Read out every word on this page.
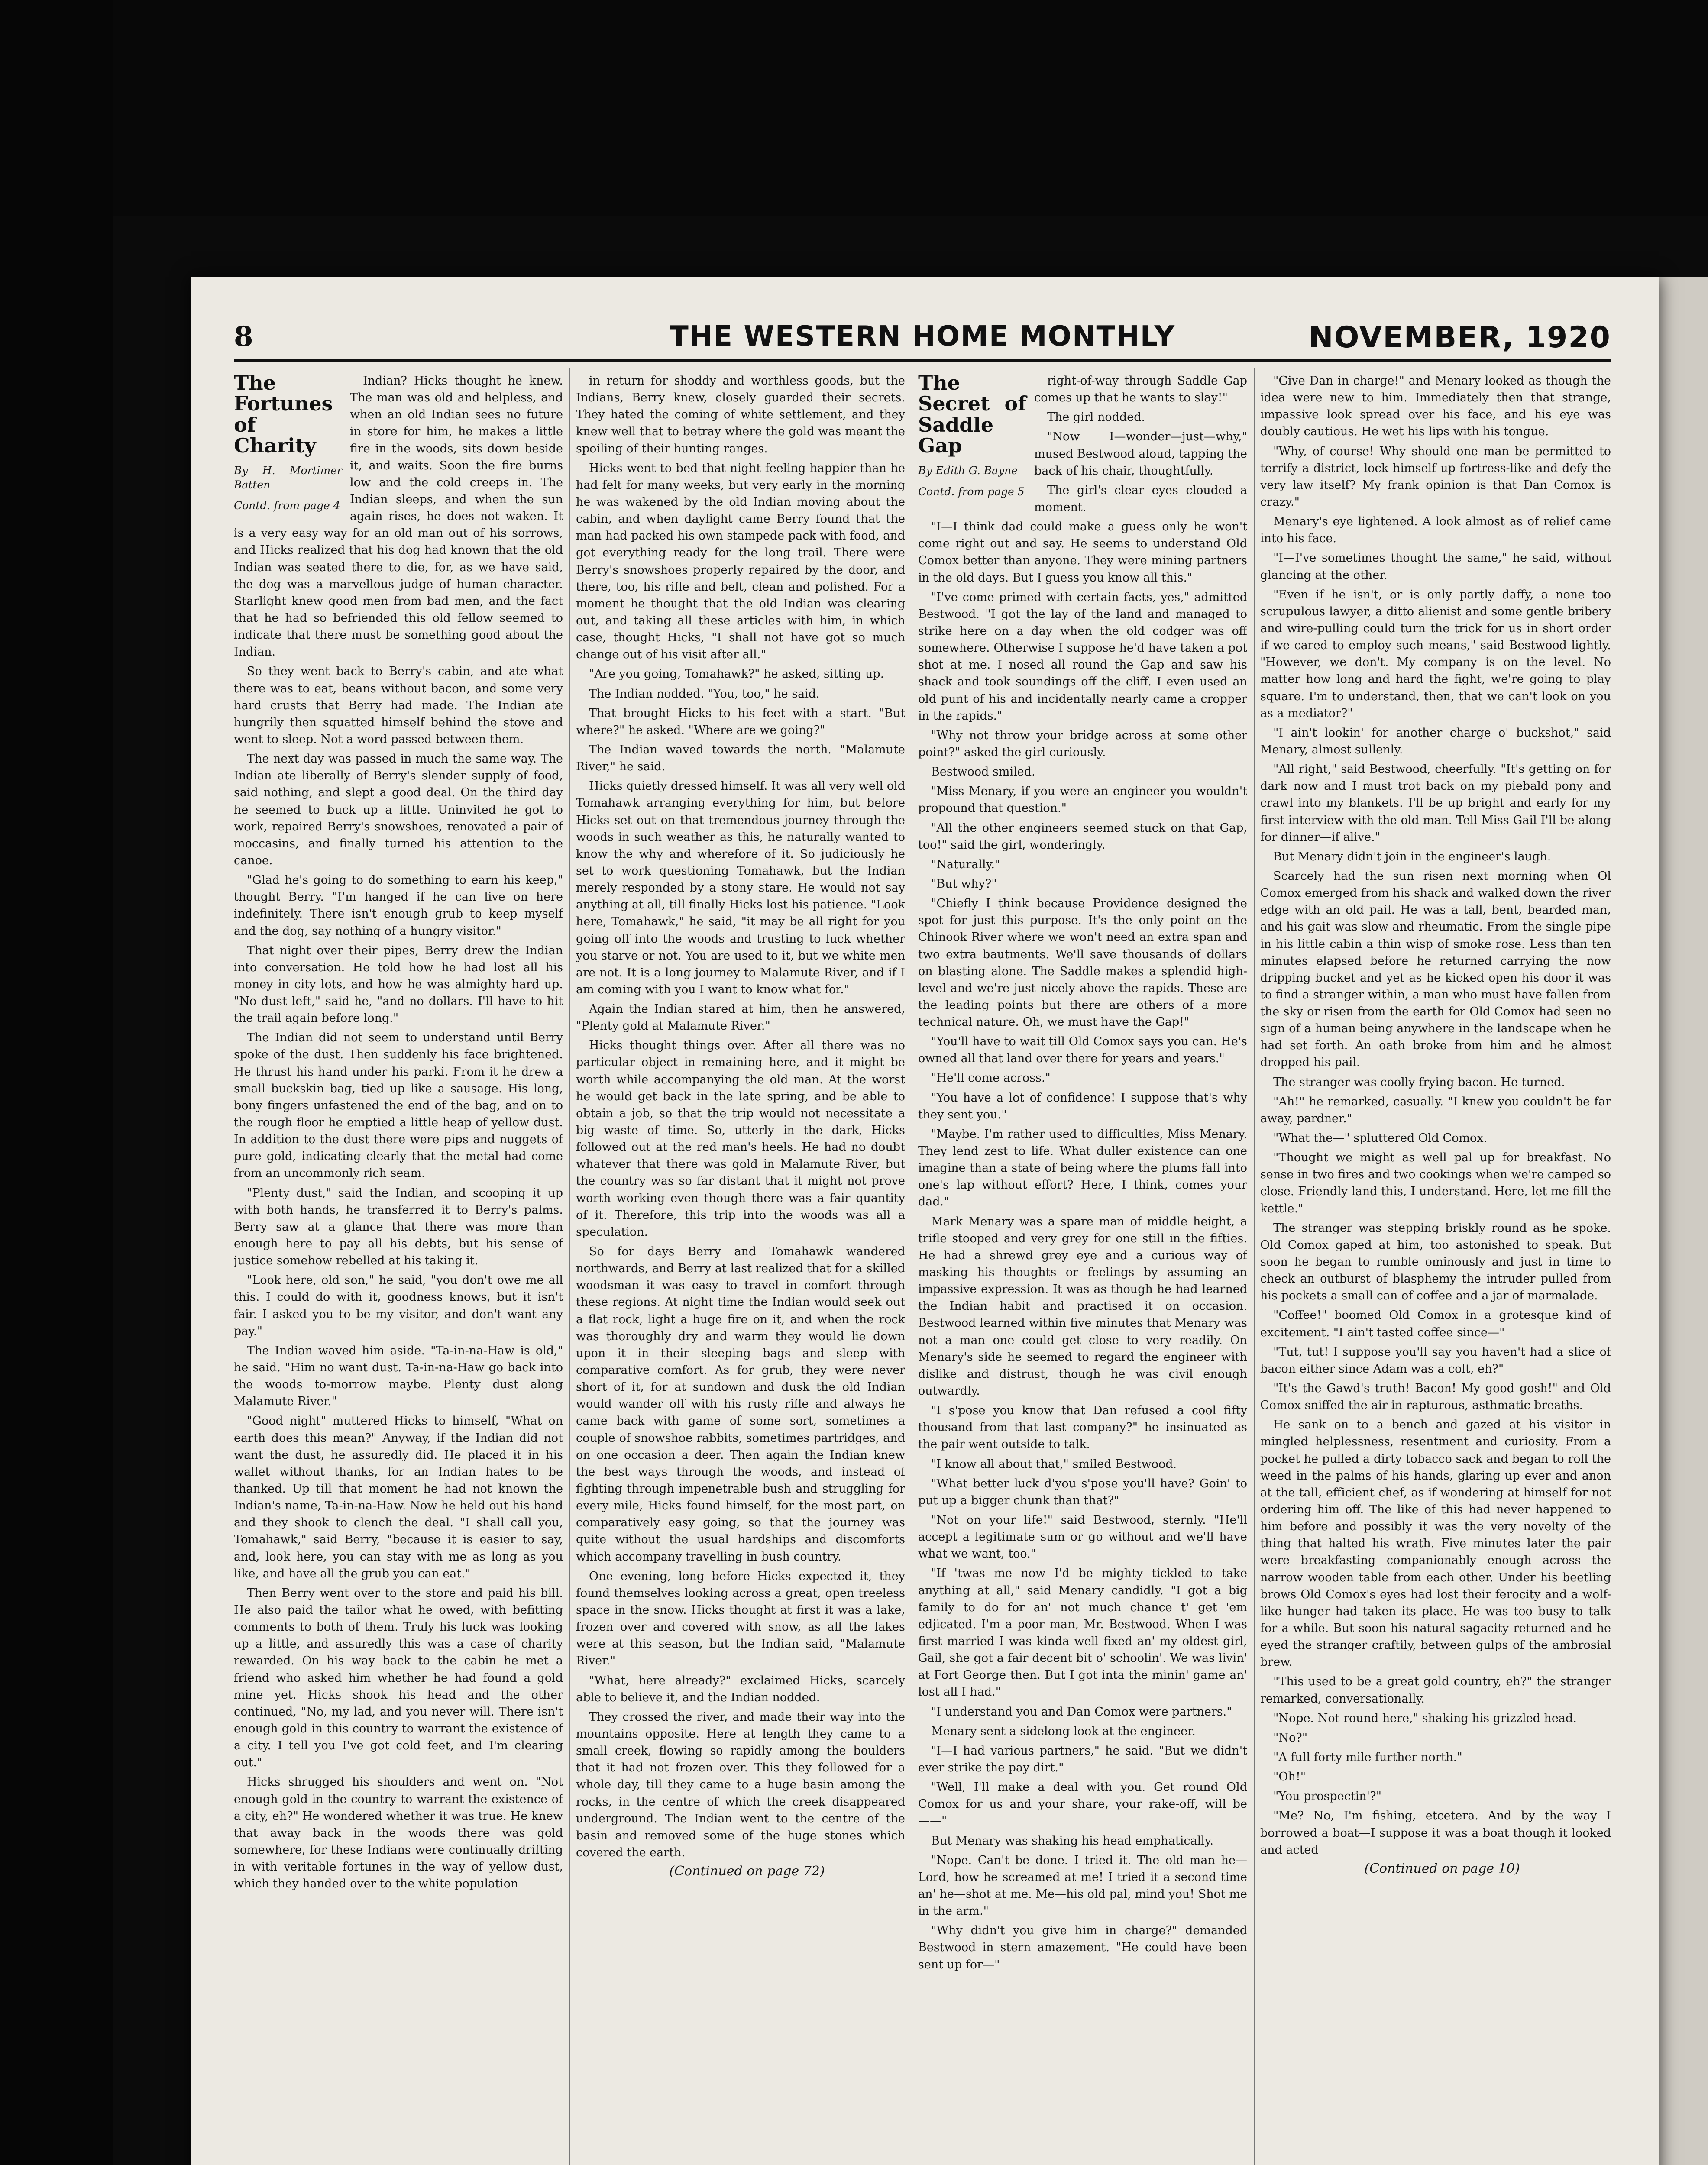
8	THE WESTERN HOME MONTHLY	NOVEMBER, 1920
The Fortunes of Charity
By H. Mortimer Batten
Contd. from page 4

Indian? Hicks thought he knew. The man was old and helpless, and when an old Indian sees no future in store for him, he makes a little fire in the woods, sits down beside it, and waits. Soon the fire burns low and the cold creeps in. The Indian sleeps, and when the sun again rises, he does not waken. It is a very easy way for an old man out of his sorrows, and Hicks realized that his dog had known that the old Indian was seated there to die, for, as we have said, the dog was a marvellous judge of human character. Starlight knew good men from bad men, and the fact that he had so befriended this old fellow seemed to indicate that there must be something good about the Indian.

So they went back to Berry's cabin, and ate what there was to eat, beans without bacon, and some very hard crusts that Berry had made. The Indian ate hungrily then squatted himself behind the stove and went to sleep. Not a word passed between them.

The next day was passed in much the same way. The Indian ate liberally of Berry's slender supply of food, said nothing, and slept a good deal. On the third day he seemed to buck up a little. Uninvited he got to work, repaired Berry's snowshoes, renovated a pair of moccasins, and finally turned his attention to the canoe.

"Glad he's going to do something to earn his keep," thought Berry. "I'm hanged if he can live on here indefinitely. There isn't enough grub to keep myself and the dog, say nothing of a hungry visitor."

That night over their pipes, Berry drew the Indian into conversation. He told how he had lost all his money in city lots, and how he was almighty hard up. "No dust left," said he, "and no dollars. I'll have to hit the trail again before long."

The Indian did not seem to understand until Berry spoke of the dust. Then suddenly his face brightened. He thrust his hand under his parki. From it he drew a small buckskin bag, tied up like a sausage. His long, bony fingers unfastened the end of the bag, and on to the rough floor he emptied a little heap of yellow dust. In addition to the dust there were pips and nuggets of pure gold, indicating clearly that the metal had come from an uncommonly rich seam.

"Plenty dust," said the Indian, and scooping it up with both hands, he transferred it to Berry's palms. Berry saw at a glance that there was more than enough here to pay all his debts, but his sense of justice somehow rebelled at his taking it.

"Look here, old son," he said, "you don't owe me all this. I could do with it, goodness knows, but it isn't fair. I asked you to be my visitor, and don't want any pay."

The Indian waved him aside. "Ta-in-na-Haw is old," he said. "Him no want dust. Ta-in-na-Haw go back into the woods to-morrow maybe. Plenty dust along Malamute River."

"Good night" muttered Hicks to himself, "What on earth does this mean?" Anyway, if the Indian did not want the dust, he assuredly did. He placed it in his wallet without thanks, for an Indian hates to be thanked. Up till that moment he had not known the Indian's name, Ta-in-na-Haw. Now he held out his hand and they shook to clench the deal. "I shall call you, Tomahawk," said Berry, "because it is easier to say, and, look here, you can stay with me as long as you like, and have all the grub you can eat."

Then Berry went over to the store and paid his bill. He also paid the tailor what he owed, with befitting comments to both of them. Truly his luck was looking up a little, and assuredly this was a case of charity rewarded. On his way back to the cabin he met a friend who asked him whether he had found a gold mine yet. Hicks shook his head and the other continued, "No, my lad, and you never will. There isn't enough gold in this country to warrant the existence of a city. I tell you I've got cold feet, and I'm clearing out."

Hicks shrugged his shoulders and went on. "Not enough gold in the country to warrant the existence of a city, eh?" He wondered whether it was true. He knew that away back in the woods there was gold somewhere, for these Indians were continually drifting in with veritable fortunes in the way of yellow dust, which they handed over to the white population

in return for shoddy and worthless goods, but the Indians, Berry knew, closely guarded their secrets. They hated the coming of white settlement, and they knew well that to betray where the gold was meant the spoiling of their hunting ranges.

Hicks went to bed that night feeling happier than he had felt for many weeks, but very early in the morning he was wakened by the old Indian moving about the cabin, and when daylight came Berry found that the man had packed his own stampede pack with food, and got everything ready for the long trail. There were Berry's snowshoes properly repaired by the door, and there, too, his rifle and belt, clean and polished. For a moment he thought that the old Indian was clearing out, and taking all these articles with him, in which case, thought Hicks, "I shall not have got so much change out of his visit after all."

"Are you going, Tomahawk?" he asked, sitting up.

The Indian nodded. "You, too," he said.

That brought Hicks to his feet with a start. "But where?" he asked. "Where are we going?"

The Indian waved towards the north. "Malamute River," he said.

Hicks quietly dressed himself. It was all very well old Tomahawk arranging everything for him, but before Hicks set out on that tremendous journey through the woods in such weather as this, he naturally wanted to know the why and wherefore of it. So judiciously he set to work questioning Tomahawk, but the Indian merely responded by a stony stare. He would not say anything at all, till finally Hicks lost his patience. "Look here, Tomahawk," he said, "it may be all right for you going off into the woods and trusting to luck whether you starve or not. You are used to it, but we white men are not. It is a long journey to Malamute River, and if I am coming with you I want to know what for."

Again the Indian stared at him, then he answered, "Plenty gold at Malamute River."

Hicks thought things over. After all there was no particular object in remaining here, and it might be worth while accompanying the old man. At the worst he would get back in the late spring, and be able to obtain a job, so that the trip would not necessitate a big waste of time. So, utterly in the dark, Hicks followed out at the red man's heels. He had no doubt whatever that there was gold in Malamute River, but the country was so far distant that it might not prove worth working even though there was a fair quantity of it. Therefore, this trip into the woods was all a speculation.

So for days Berry and Tomahawk wandered northwards, and Berry at last realized that for a skilled woodsman it was easy to travel in comfort through these regions. At night time the Indian would seek out a flat rock, light a huge fire on it, and when the rock was thoroughly dry and warm they would lie down upon it in their sleeping bags and sleep with comparative comfort. As for grub, they were never short of it, for at sundown and dusk the old Indian would wander off with his rusty rifle and always he came back with game of some sort, sometimes a couple of snowshoe rabbits, sometimes partridges, and on one occasion a deer. Then again the Indian knew the best ways through the woods, and instead of fighting through impenetrable bush and struggling for every mile, Hicks found himself, for the most part, on comparatively easy going, so that the journey was quite without the usual hardships and discomforts which accompany travelling in bush country.

One evening, long before Hicks expected it, they found themselves looking across a great, open treeless space in the snow. Hicks thought at first it was a lake, frozen over and covered with snow, as all the lakes were at this season, but the Indian said, "Malamute River."

"What, here already?" exclaimed Hicks, scarcely able to believe it, and the Indian nodded.

They crossed the river, and made their way into the mountains opposite. Here at length they came to a small creek, flowing so rapidly among the boulders that it had not frozen over. This they followed for a whole day, till they came to a huge basin among the rocks, in the centre of which the creek disappeared underground. The Indian went to the centre of the basin and removed some of the huge stones which covered the earth.

(Continued on page 72)

The Secret of Saddle Gap
By Edith G. Bayne
Contd. from page 5

right-of-way through Saddle Gap comes up that he wants to slay!"

The girl nodded.

"Now I—wonder—just—why," mused Bestwood aloud, tapping the back of his chair, thoughtfully.

The girl's clear eyes clouded a moment.

"I—I think dad could make a guess only he won't come right out and say. He seems to understand Old Comox better than anyone. They were mining partners in the old days. But I guess you know all this."

"I've come primed with certain facts, yes," admitted Bestwood. "I got the lay of the land and managed to strike here on a day when the old codger was off somewhere. Otherwise I suppose he'd have taken a pot shot at me. I nosed all round the Gap and saw his shack and took soundings off the cliff. I even used an old punt of his and incidentally nearly came a cropper in the rapids."

"Why not throw your bridge across at some other point?" asked the girl curiously.

Bestwood smiled.

"Miss Menary, if you were an engineer you wouldn't propound that question."

"All the other engineers seemed stuck on that Gap, too!" said the girl, wonderingly.

"Naturally."

"But why?"

"Chiefly I think because Providence designed the spot for just this purpose. It's the only point on the Chinook River where we won't need an extra span and two extra bautments. We'll save thousands of dollars on blasting alone. The Saddle makes a splendid high-level and we're just nicely above the rapids. These are the leading points but there are others of a more technical nature. Oh, we must have the Gap!"

"You'll have to wait till Old Comox says you can. He's owned all that land over there for years and years."

"He'll come across."

"You have a lot of confidence! I suppose that's why they sent you."

"Maybe. I'm rather used to difficulties, Miss Menary. They lend zest to life. What duller existence can one imagine than a state of being where the plums fall into one's lap without effort? Here, I think, comes your dad."

Mark Menary was a spare man of middle height, a trifle stooped and very grey for one still in the fifties. He had a shrewd grey eye and a curious way of masking his thoughts or feelings by assuming an impassive expression. It was as though he had learned the Indian habit and practised it on occasion. Bestwood learned within five minutes that Menary was not a man one could get close to very readily. On Menary's side he seemed to regard the engineer with dislike and distrust, though he was civil enough outwardly.

"I s'pose you know that Dan refused a cool fifty thousand from that last company?" he insinuated as the pair went outside to talk.

"I know all about that," smiled Bestwood.

"What better luck d'you s'pose you'll have? Goin' to put up a bigger chunk than that?"

"Not on your life!" said Bestwood, sternly. "He'll accept a legitimate sum or go without and we'll have what we want, too."

"If 'twas me now I'd be mighty tickled to take anything at all," said Menary candidly. "I got a big family to do for an' not much chance t' get 'em edjicated. I'm a poor man, Mr. Bestwood. When I was first married I was kinda well fixed an' my oldest girl, Gail, she got a fair decent bit o' schoolin'. We was livin' at Fort George then. But I got inta the minin' game an' lost all I had."

"I understand you and Dan Comox were partners."

Menary sent a sidelong look at the engineer.

"I—I had various partners," he said. "But we didn't ever strike the pay dirt."

"Well, I'll make a deal with you. Get round Old Comox for us and your share, your rake-off, will be——"

But Menary was shaking his head emphatically.

"Nope. Can't be done. I tried it. The old man he—Lord, how he screamed at me! I tried it a second time an' he—shot at me. Me—his old pal, mind you! Shot me in the arm."

"Why didn't you give him in charge?" demanded Bestwood in stern amazement. "He could have been sent up for—"

"Give Dan in charge!" and Menary looked as though the idea were new to him. Immediately then that strange, impassive look spread over his face, and his eye was doubly cautious. He wet his lips with his tongue.

"Why, of course! Why should one man be permitted to terrify a district, lock himself up fortress-like and defy the very law itself? My frank opinion is that Dan Comox is crazy."

Menary's eye lightened. A look almost as of relief came into his face.

"I—I've sometimes thought the same," he said, without glancing at the other.

"Even if he isn't, or is only partly daffy, a none too scrupulous lawyer, a ditto alienist and some gentle bribery and wire-pulling could turn the trick for us in short order if we cared to employ such means," said Bestwood lightly. "However, we don't. My company is on the level. No matter how long and hard the fight, we're going to play square. I'm to understand, then, that we can't look on you as a mediator?"

"I ain't lookin' for another charge o' buckshot," said Menary, almost sullenly.

"All right," said Bestwood, cheerfully. "It's getting on for dark now and I must trot back on my piebald pony and crawl into my blankets. I'll be up bright and early for my first interview with the old man. Tell Miss Gail I'll be along for dinner—if alive."

But Menary didn't join in the engineer's laugh.

Scarcely had the sun risen next morning when Ol Comox emerged from his shack and walked down the river edge with an old pail. He was a tall, bent, bearded man, and his gait was slow and rheumatic. From the single pipe in his little cabin a thin wisp of smoke rose. Less than ten minutes elapsed before he returned carrying the now dripping bucket and yet as he kicked open his door it was to find a stranger within, a man who must have fallen from the sky or risen from the earth for Old Comox had seen no sign of a human being anywhere in the landscape when he had set forth. An oath broke from him and he almost dropped his pail.

The stranger was coolly frying bacon. He turned.

"Ah!" he remarked, casually. "I knew you couldn't be far away, pardner."

"What the—" spluttered Old Comox.

"Thought we might as well pal up for breakfast. No sense in two fires and two cookings when we're camped so close. Friendly land this, I understand. Here, let me fill the kettle."

The stranger was stepping briskly round as he spoke. Old Comox gaped at him, too astonished to speak. But soon he began to rumble ominously and just in time to check an outburst of blasphemy the intruder pulled from his pockets a small can of coffee and a jar of marmalade.

"Coffee!" boomed Old Comox in a grotesque kind of excitement. "I ain't tasted coffee since—"

"Tut, tut! I suppose you'll say you haven't had a slice of bacon either since Adam was a colt, eh?"

"It's the Gawd's truth! Bacon! My good gosh!" and Old Comox sniffed the air in rapturous, asthmatic breaths.

He sank on to a bench and gazed at his visitor in mingled helplessness, resentment and curiosity. From a pocket he pulled a dirty tobacco sack and began to roll the weed in the palms of his hands, glaring up ever and anon at the tall, efficient chef, as if wondering at himself for not ordering him off. The like of this had never happened to him before and possibly it was the very novelty of the thing that halted his wrath. Five minutes later the pair were breakfasting companionably enough across the narrow wooden table from each other. Under his beetling brows Old Comox's eyes had lost their ferocity and a wolf-like hunger had taken its place. He was too busy to talk for a while. But soon his natural sagacity returned and he eyed the stranger craftily, between gulps of the ambrosial brew.

"This used to be a great gold country, eh?" the stranger remarked, conversationally.

"Nope. Not round here," shaking his grizzled head.

"No?"

"A full forty mile further north."

"Oh!"

"You prospectin'?"

"Me? No, I'm fishing, etcetera. And by the way I borrowed a boat—I suppose it was a boat though it looked and acted

(Continued on page 10)
